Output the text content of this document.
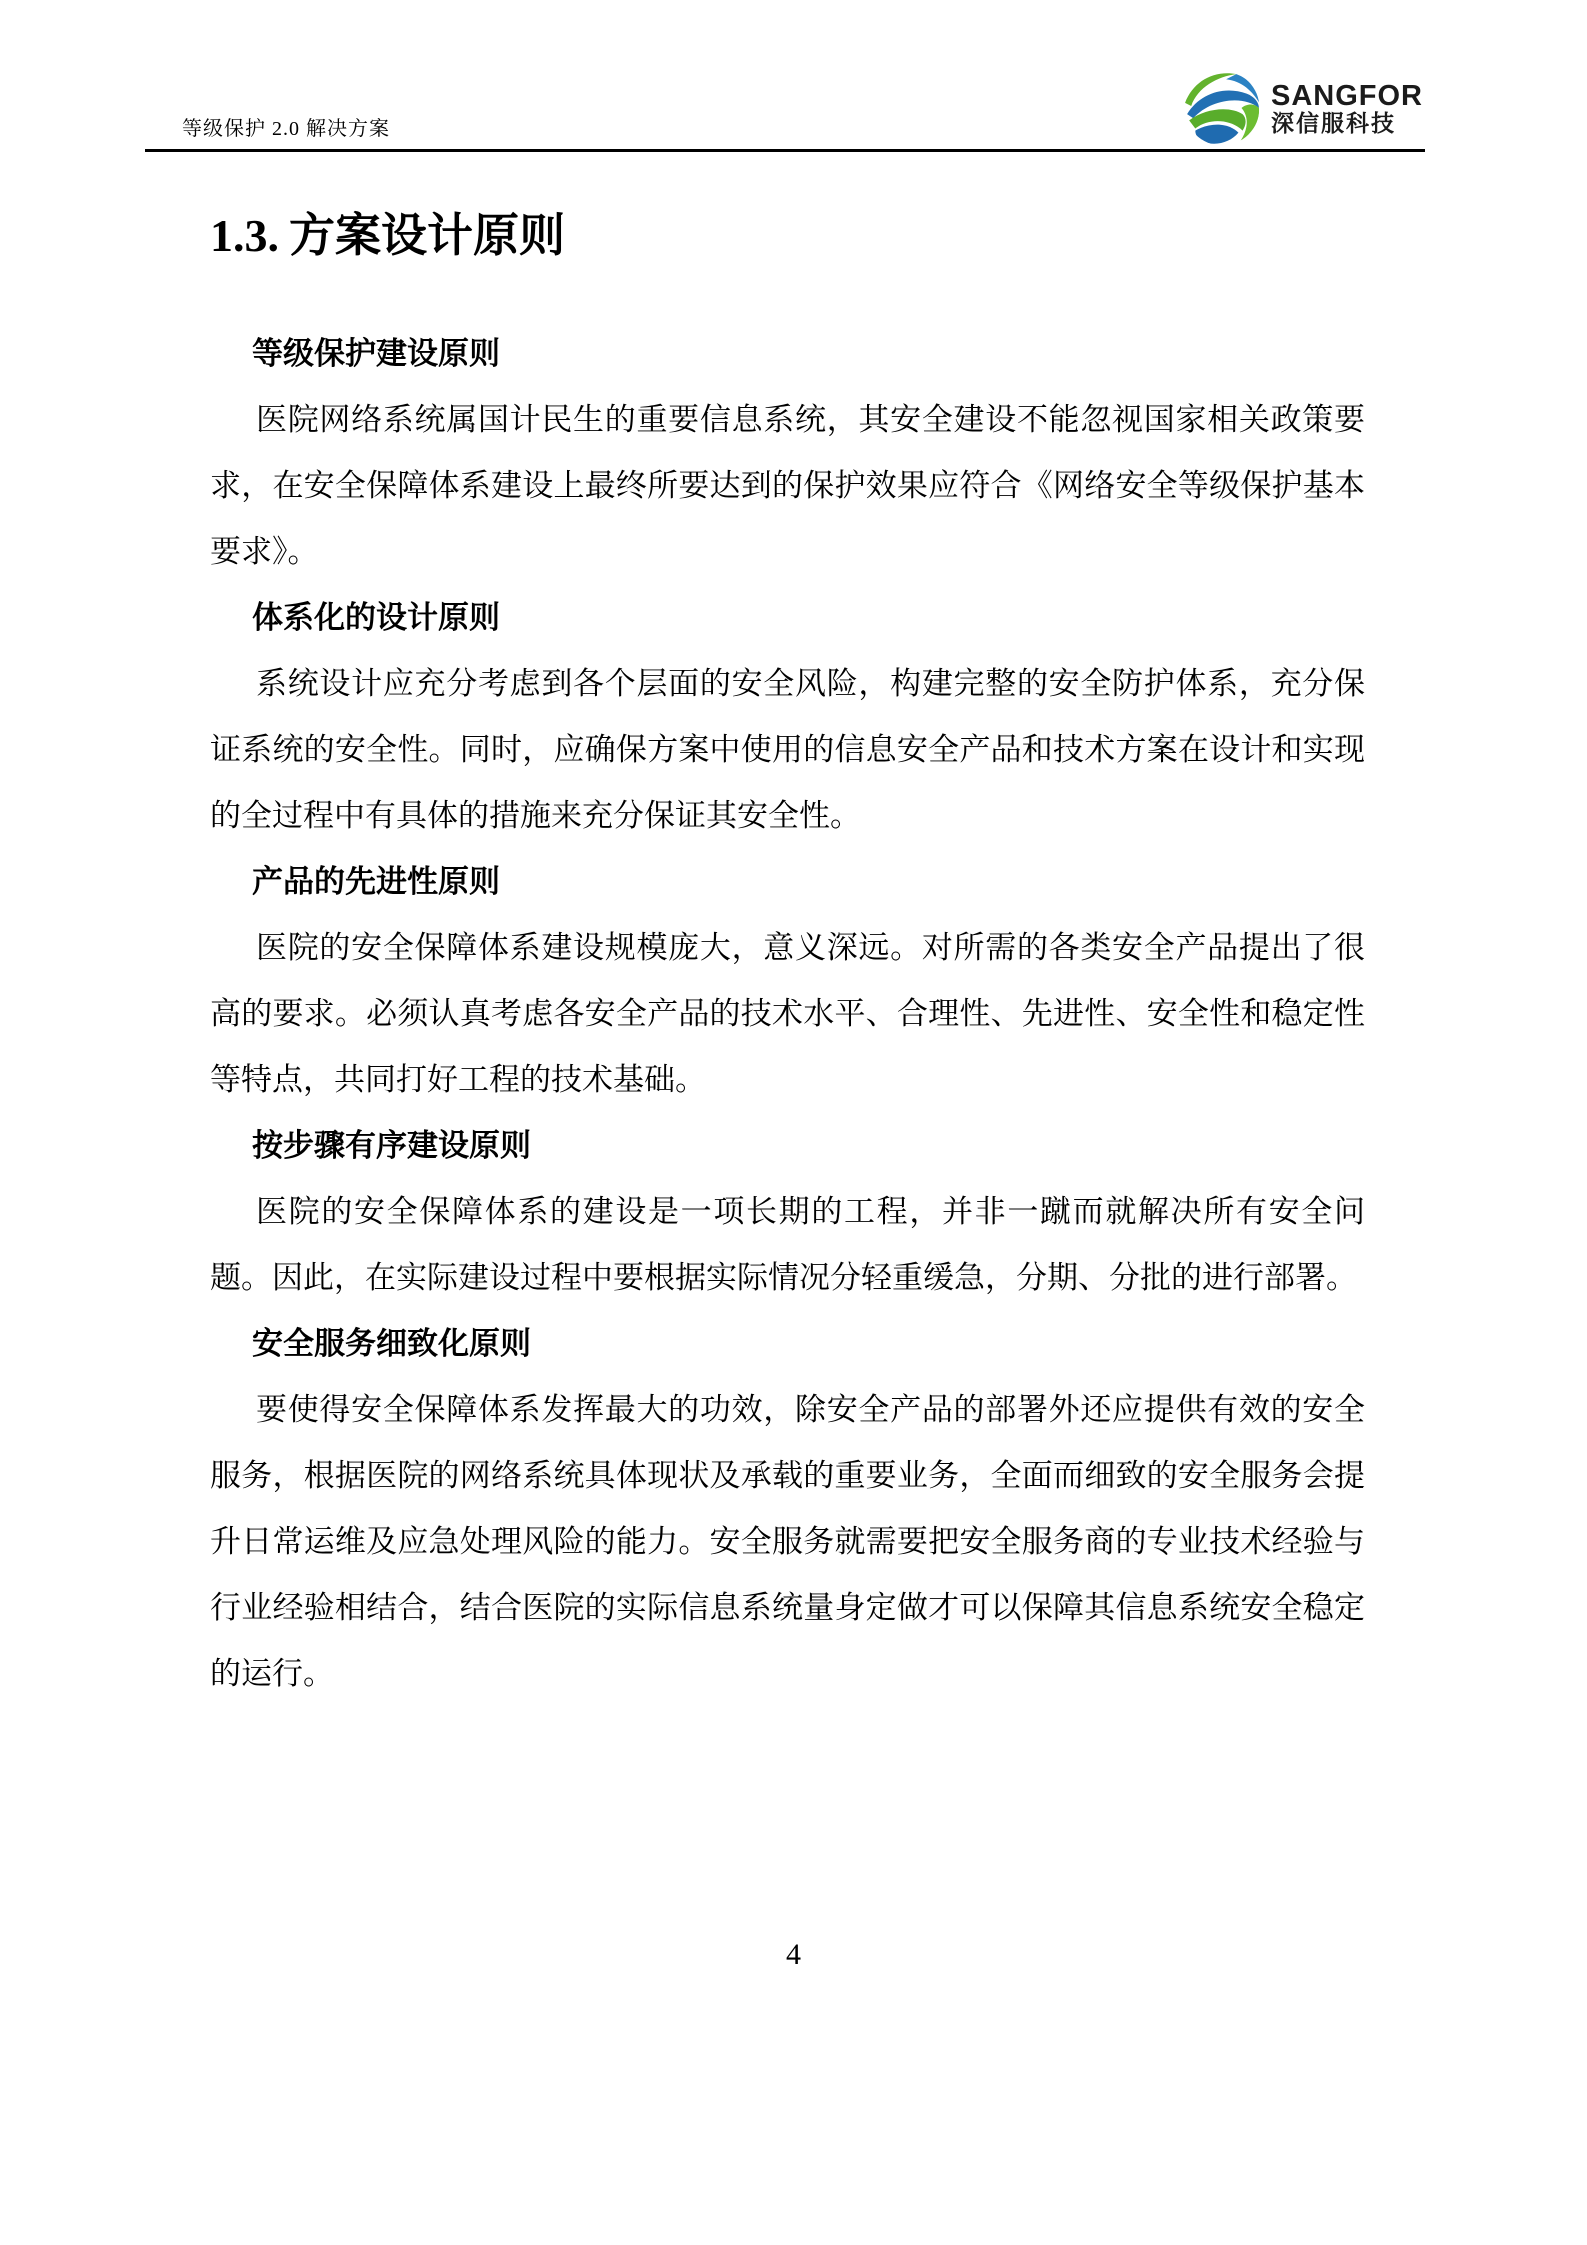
等级保护 2.0 解决方案
SANGFOR
深信服科技
1.3. 方案设计原则
等级保护建设原则

医院网络系统属国计民生的重要信息系统，其安全建设不能忽视国家相关政策要求，在安全保障体系建设上最终所要达到的保护效果应符合《网络安全等级保护基本要求》。

体系化的设计原则

系统设计应充分考虑到各个层面的安全风险，构建完整的安全防护体系，充分保证系统的安全性。同时，应确保方案中使用的信息安全产品和技术方案在设计和实现的全过程中有具体的措施来充分保证其安全性。

产品的先进性原则

医院的安全保障体系建设规模庞大，意义深远。对所需的各类安全产品提出了很高的要求。必须认真考虑各安全产品的技术水平、合理性、先进性、安全性和稳定性等特点，共同打好工程的技术基础。

按步骤有序建设原则

医院的安全保障体系的建设是一项长期的工程，并非一蹴而就解决所有安全问题。因此，在实际建设过程中要根据实际情况分轻重缓急，分期、分批的进行部署。

安全服务细致化原则

要使得安全保障体系发挥最大的功效，除安全产品的部署外还应提供有效的安全服务，根据医院的网络系统具体现状及承载的重要业务，全面而细致的安全服务会提升日常运维及应急处理风险的能力。安全服务就需要把安全服务商的专业技术经验与行业经验相结合，结合医院的实际信息系统量身定做才可以保障其信息系统安全稳定的运行。

4
